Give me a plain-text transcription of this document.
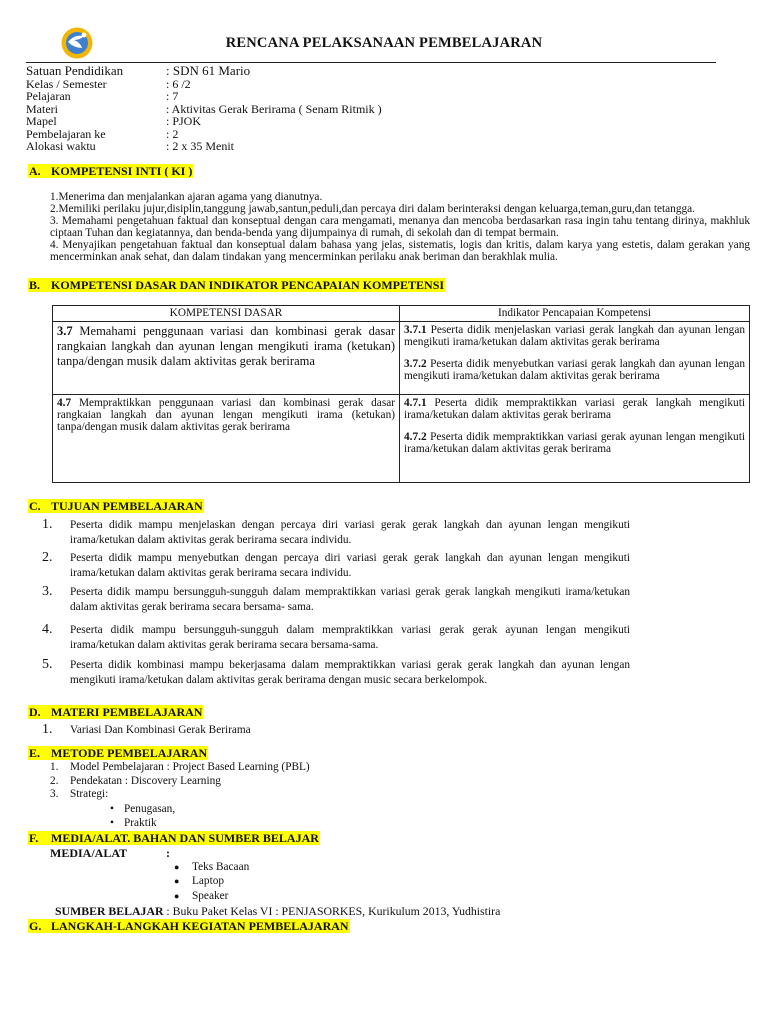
RENCANA PELAKSANAAN PEMBELAJARAN
Satuan Pendidikan	: SDN 61 Mario
Kelas / Semester	: 6 /2
Pelajaran	: 7
Materi	: Aktivitas Gerak Berirama ( Senam Ritmik )
Mapel	: PJOK
Pembelajaran ke	: 2
Alokasi waktu	: 2 x 35 Menit
A. KOMPETENSI INTI ( KI )

1.Menerima dan menjalankan ajaran agama yang dianutnya.

2.Memiliki perilaku jujur,disiplin,tanggung jawab,santun,peduli,dan percaya diri dalam berinteraksi dengan keluarga,teman,guru,dan tetangga.

3. Memahami pengetahuan faktual dan konseptual dengan cara mengamati, menanya dan mencoba berdasarkan rasa ingin tahu tentang dirinya, makhluk ciptaan Tuhan dan kegiatannya, dan benda-benda yang dijumpainya di rumah, di sekolah dan di tempat bermain.

4. Menyajikan pengetahuan faktual dan konseptual dalam bahasa yang jelas, sistematis, logis dan kritis, dalam karya yang estetis, dalam gerakan yang mencerminkan anak sehat, dan dalam tindakan yang mencerminkan perilaku anak beriman dan berakhlak mulia.

B. KOMPETENSI DASAR DAN INDIKATOR PENCAPAIAN KOMPETENSI
KOMPETENSI DASAR	Indikator Pencapaian Kompetensi
3.7 Memahami penggunaan variasi dan kombinasi gerak dasar rangkaian langkah dan ayunan lengan mengikuti irama (ketukan) tanpa/dengan musik dalam aktivitas gerak berirama	3.7.1 Peserta didik menjelaskan variasi gerak langkah dan ayunan lengan mengikuti irama/ketukan dalam aktivitas gerak berirama
3.7.2 Peserta didik menyebutkan variasi gerak langkah dan ayunan lengan mengikuti irama/ketukan dalam aktivitas gerak berirama

4.7 Mempraktikkan penggunaan variasi dan kombinasi gerak dasar rangkaian langkah dan ayunan lengan mengikuti irama (ketukan) tanpa/dengan musik dalam aktivitas gerak berirama	4.7.1 Peserta didik mempraktikkan variasi gerak langkah mengikuti irama/ketukan dalam aktivitas gerak berirama
4.7.2 Peserta didik mempraktikkan variasi gerak ayunan lengan mengikuti irama/ketukan dalam aktivitas gerak berirama
C. TUJUAN PEMBELAJARAN
1. Peserta didik mampu menjelaskan dengan percaya diri variasi gerak gerak langkah dan ayunan lengan mengikuti irama/ketukan dalam aktivitas gerak berirama secara individu.
2. Peserta didik mampu menyebutkan dengan percaya diri variasi gerak gerak langkah dan ayunan lengan mengikuti irama/ketukan dalam aktivitas gerak berirama secara individu.
3. Peserta didik mampu bersungguh-sungguh dalam mempraktikkan variasi gerak gerak langkah mengikuti irama/ketukan dalam aktivitas gerak berirama secara bersama- sama.
4. Peserta didik mampu bersungguh-sungguh dalam mempraktikkan variasi gerak gerak ayunan lengan mengikuti irama/ketukan dalam aktivitas gerak berirama secara bersama-sama.
5. Peserta didik kombinasi mampu bekerjasama dalam mempraktikkan variasi gerak gerak langkah dan ayunan lengan mengikuti irama/ketukan dalam aktivitas gerak berirama dengan music secara berkelompok.
D. MATERI PEMBELAJARAN
1. Variasi Dan Kombinasi Gerak Berirama
E. METODE PEMBELAJARAN
1.	Model Pembelajaran : Project Based Learning (PBL)
2.	Pendekatan : Discovery Learning
3.	Strategi:
• Penugasan,
• Praktik
F. MEDIA/ALAT. BAHAN DAN SUMBER BELAJAR
MEDIA/ALAT	:
● Teks Bacaan
● Laptop
● Speaker
SUMBER BELAJAR : Buku Paket Kelas VI : PENJASORKES, Kurikulum 2013, Yudhistira
G. LANGKAH-LANGKAH KEGIATAN PEMBELAJARAN
